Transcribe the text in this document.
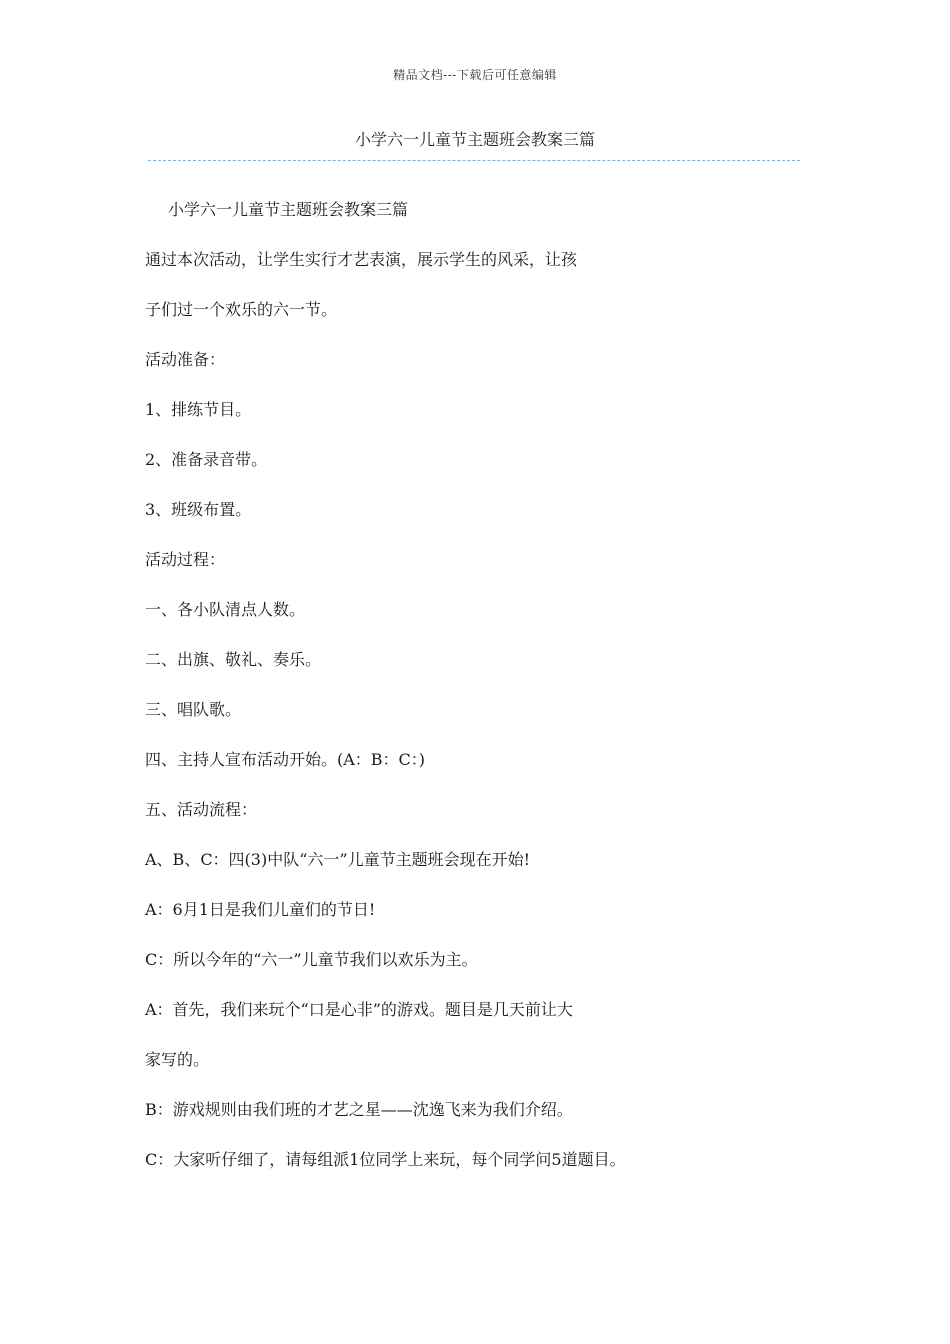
精品文档---下载后可任意编辑
小学六一儿童节主题班会教案三篇

小学六一儿童节主题班会教案三篇

通过本次活动，让学生实行才艺表演，展示学生的风采，让孩

子们过一个欢乐的六一节。

活动准备：

1、排练节目。

2、准备录音带。

3、班级布置。

活动过程：

一、各小队清点人数。

二、出旗、敬礼、奏乐。

三、唱队歌。

四、主持人宣布活动开始。(A：B：C：)

五、活动流程：

A、B、C：四(3)中队“六一”儿童节主题班会现在开始!

A：6月1日是我们儿童们的节日!

C：所以今年的“六一”儿童节我们以欢乐为主。

A：首先，我们来玩个“口是心非”的游戏。题目是几天前让大

家写的。

B：游戏规则由我们班的才艺之星——沈逸飞来为我们介绍。

C：大家听仔细了，请每组派1位同学上来玩，每个同学问5道题目。
